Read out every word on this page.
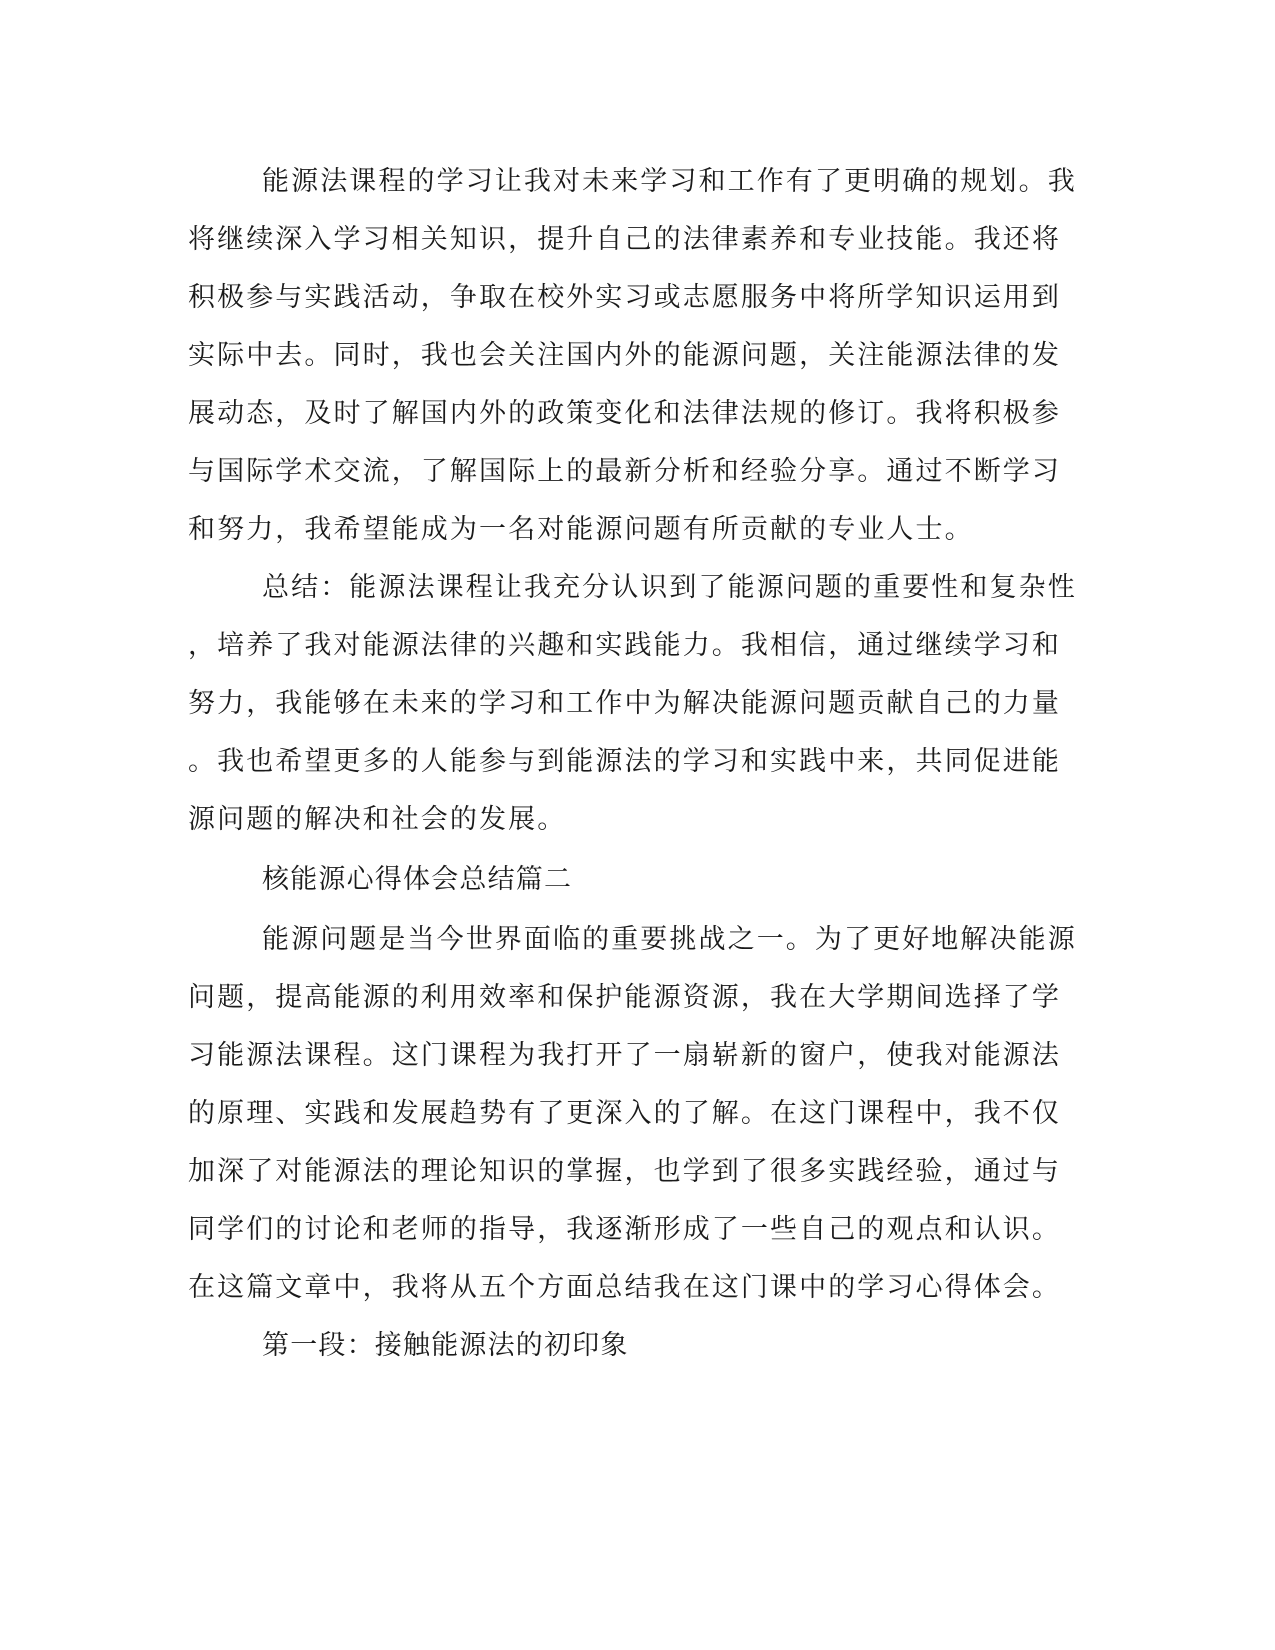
能源法课程的学习让我对未来学习和工作有了更明确的规划。我
将继续深入学习相关知识，提升自己的法律素养和专业技能。我还将
积极参与实践活动，争取在校外实习或志愿服务中将所学知识运用到
实际中去。同时，我也会关注国内外的能源问题，关注能源法律的发
展动态，及时了解国内外的政策变化和法律法规的修订。我将积极参
与国际学术交流，了解国际上的最新分析和经验分享。通过不断学习
和努力，我希望能成为一名对能源问题有所贡献的专业人士。
总结：能源法课程让我充分认识到了能源问题的重要性和复杂性
，培养了我对能源法律的兴趣和实践能力。我相信，通过继续学习和
努力，我能够在未来的学习和工作中为解决能源问题贡献自己的力量
。我也希望更多的人能参与到能源法的学习和实践中来，共同促进能
源问题的解决和社会的发展。
核能源心得体会总结篇二
能源问题是当今世界面临的重要挑战之一。为了更好地解决能源
问题，提高能源的利用效率和保护能源资源，我在大学期间选择了学
习能源法课程。这门课程为我打开了一扇崭新的窗户，使我对能源法
的原理、实践和发展趋势有了更深入的了解。在这门课程中，我不仅
加深了对能源法的理论知识的掌握，也学到了很多实践经验，通过与
同学们的讨论和老师的指导，我逐渐形成了一些自己的观点和认识。
在这篇文章中，我将从五个方面总结我在这门课中的学习心得体会。
第一段：接触能源法的初印象
